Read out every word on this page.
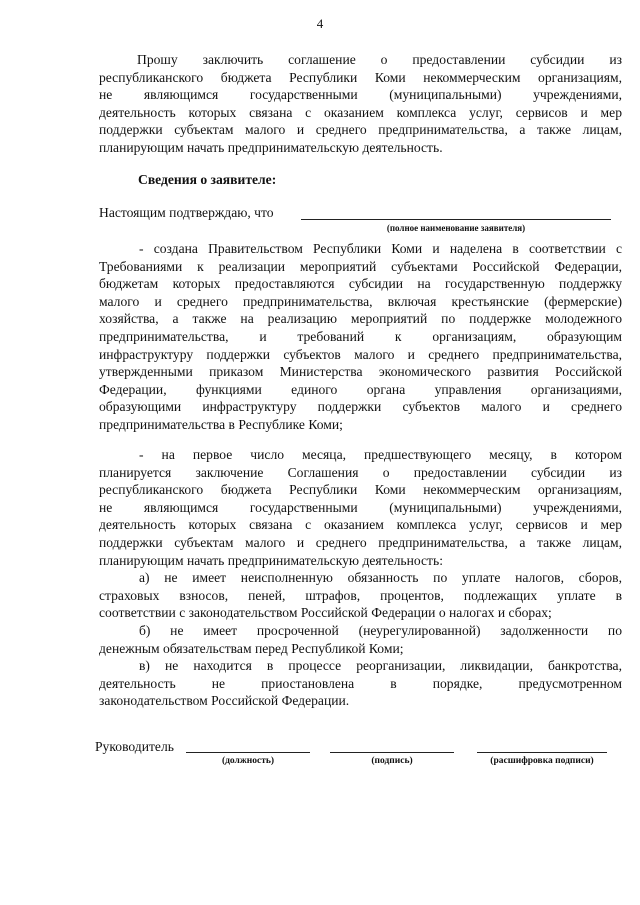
4
Прошу заключить соглашение о предоставлении субсидии из
республиканского бюджета Республики Коми некоммерческим организациям,
не являющимся государственными (муниципальными) учреждениями,
деятельность которых связана с оказанием комплекса услуг, сервисов и мер
поддержки субъектам малого и среднего предпринимательства, а также лицам,
планирующим начать предпринимательскую деятельность.
Сведения о заявителе:
Настоящим подтверждаю, что
(полное наименование заявителя)
- создана Правительством Республики Коми и наделена в соответствии с
Требованиями к реализации мероприятий субъектами Российской Федерации,
бюджетам которых предоставляются субсидии на государственную поддержку
малого и среднего предпринимательства, включая крестьянские (фермерские)
хозяйства, а также на реализацию мероприятий по поддержке молодежного
предпринимательства, и требований к организациям, образующим
инфраструктуру поддержки субъектов малого и среднего предпринимательства,
утвержденными приказом Министерства экономического развития Российской
Федерации, функциями единого органа управления организациями,
образующими инфраструктуру поддержки субъектов малого и среднего
предпринимательства в Республике Коми;
- на первое число месяца, предшествующего месяцу, в котором
планируется заключение Соглашения о предоставлении субсидии из
республиканского бюджета Республики Коми некоммерческим организациям,
не являющимся государственными (муниципальными) учреждениями,
деятельность которых связана с оказанием комплекса услуг, сервисов и мер
поддержки субъектам малого и среднего предпринимательства, а также лицам,
планирующим начать предпринимательскую деятельность:
а) не имеет неисполненную обязанность по уплате налогов, сборов,
страховых взносов, пеней, штрафов, процентов, подлежащих уплате в
соответствии с законодательством Российской Федерации о налогах и сборах;
б) не имеет просроченной (неурегулированной) задолженности по
денежным обязательствам перед Республикой Коми;
в) не находится в процессе реорганизации, ликвидации, банкротства,
деятельность не приостановлена в порядке, предусмотренном
законодательством Российской Федерации.
Руководитель
(должность)	(подпись)	(расшифровка подписи)
